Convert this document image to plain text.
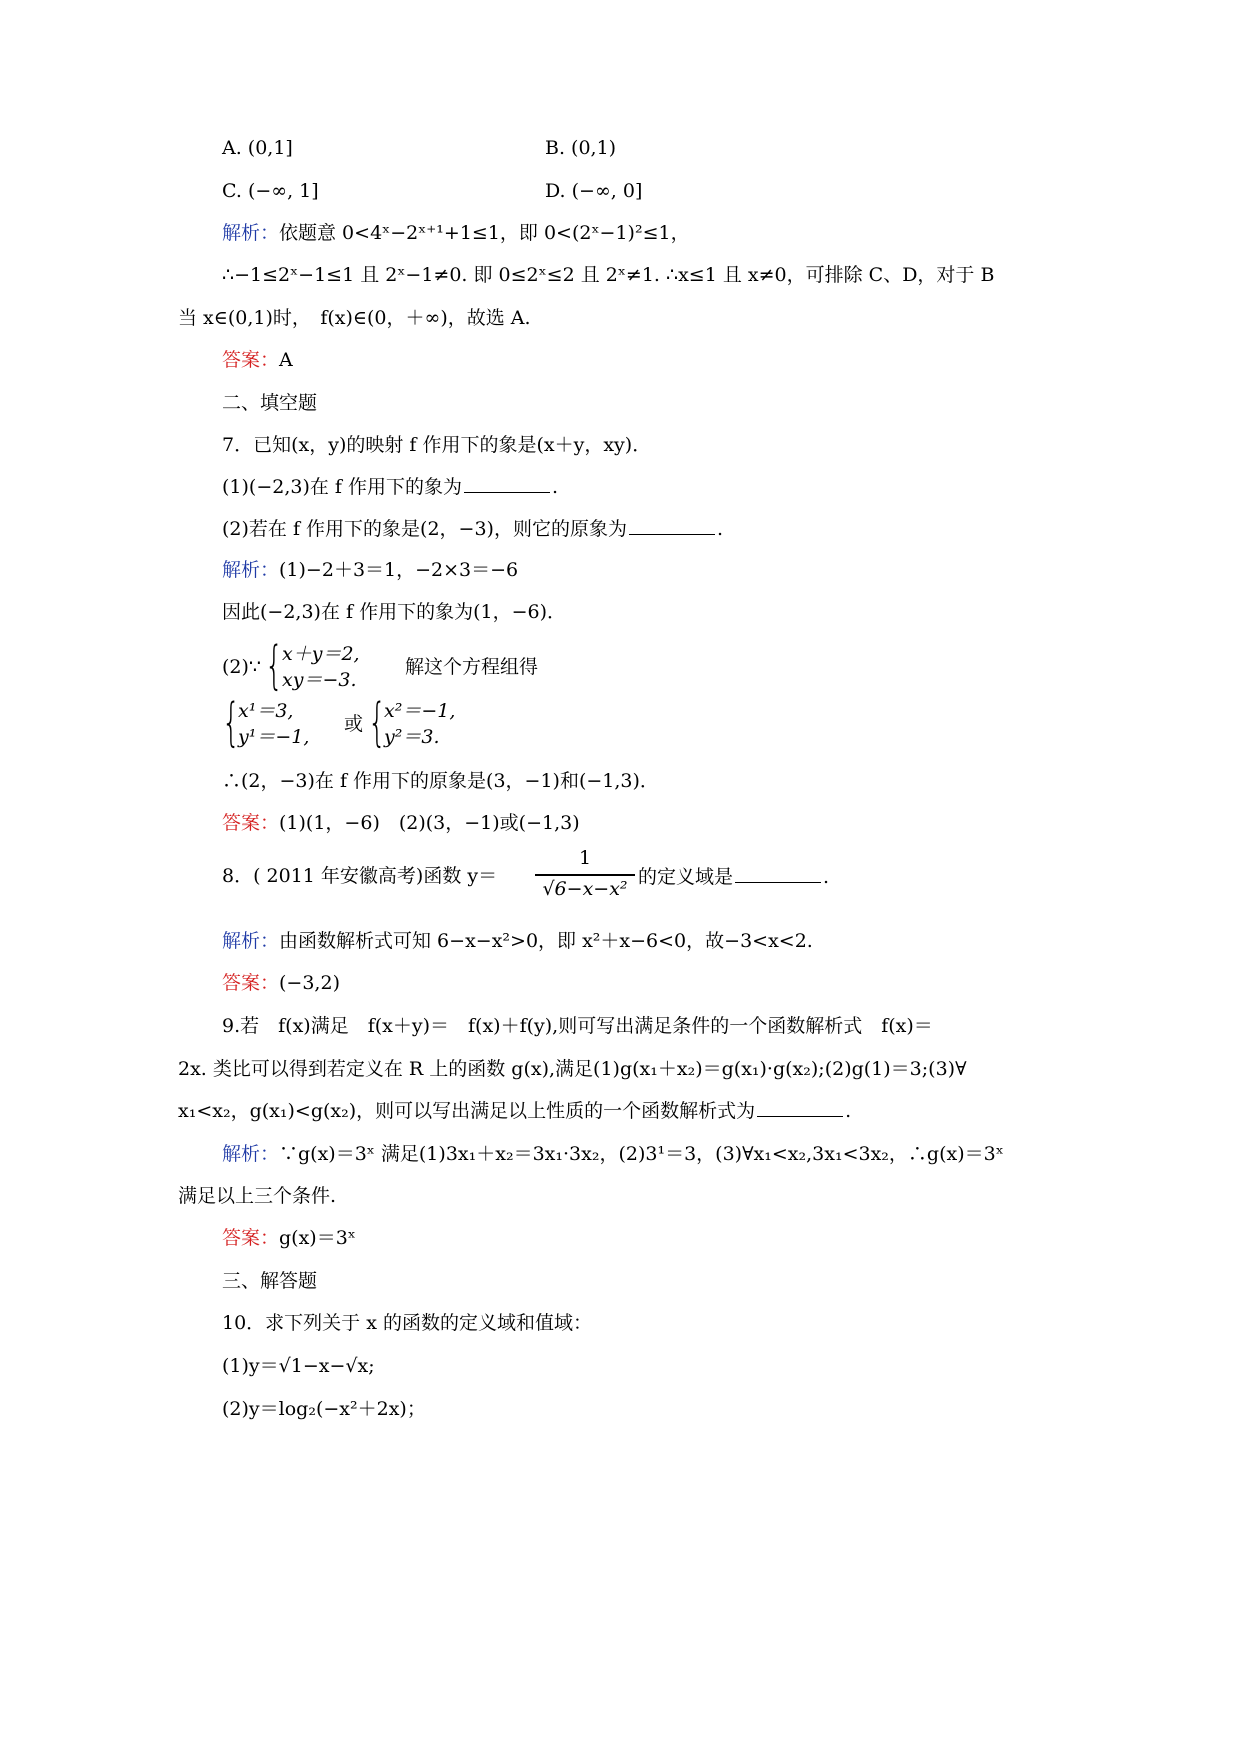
A. (0,1]	B. (0,1)
C. (−∞, 1]	D. (−∞, 0]
解析：依题意 0<4ˣ−2ˣ⁺¹+1≤1，即 0<(2ˣ−1)²≤1，
∴−1≤2ˣ−1≤1 且 2ˣ−1≠0. 即 0≤2ˣ≤2 且 2ˣ≠1. ∴x≤1 且 x≠0，可排除 C、D，对于 B
当 x∈(0,1)时，　f(x)∈(0，＋∞)，故选 A.
答案：A
二、填空题
7．已知(x，y)的映射 f 作用下的象是(x＋y，xy)．
(1)(−2,3)在 f 作用下的象为	.
(2)若在 f 作用下的象是(2，−3)，则它的原象为	.
解析：(1)−2＋3＝1，−2×3＝−6
因此(−2,3)在 f 作用下的象为(1，−6)．
(2)∵ {
x＋y＝2,
xy＝−3.
解这个方程组得
{
x¹＝3,
y¹＝−1,
或 {
x²＝−1,
y²＝3.
∴(2，−3)在 f 作用下的原象是(3，−1)和(−1,3)．
答案：(1)(1，−6)　(2)(3，−1)或(−1,3)
8．( 2011 年安徽高考)函数 y＝
1
√6−x−x²
的定义域是	.
解析：由函数解析式可知 6−x−x²>0，即 x²＋x−6<0，故−3<x<2.
答案：(−3,2)
9.若　f(x)满足　f(x＋y)＝　f(x)＋f(y),则可写出满足条件的一个函数解析式　f(x)＝
2x. 类比可以得到若定义在 R 上的函数 g(x),满足(1)g(x₁＋x₂)＝g(x₁)·g(x₂);(2)g(1)＝3;(3)∀
x₁<x₂，g(x₁)<g(x₂)，则可以写出满足以上性质的一个函数解析式为	.
解析：∵g(x)＝3ˣ 满足(1)3x₁＋x₂＝3x₁·3x₂，(2)3¹＝3，(3)∀x₁<x₂,3x₁<3x₂，∴g(x)＝3ˣ
满足以上三个条件.
答案：g(x)＝3ˣ
三、解答题
10．求下列关于 x 的函数的定义域和值域：
(1)y＝√1−x−√x;
(2)y＝log₂(−x²＋2x)；
